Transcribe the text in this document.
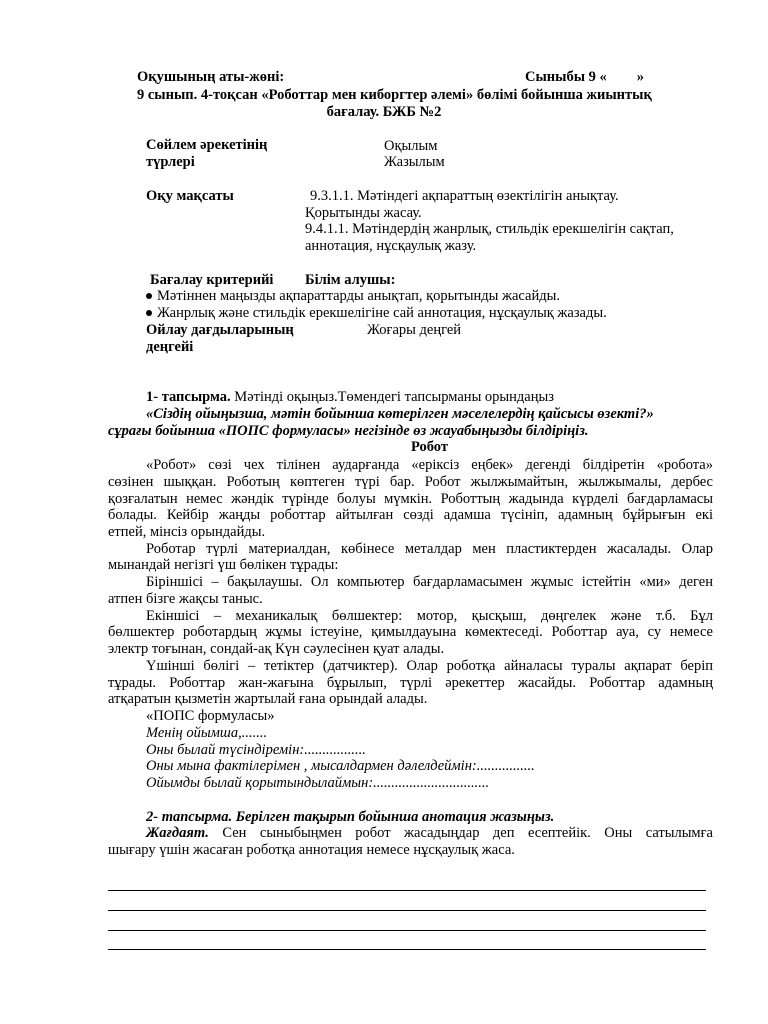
Оқушының аты-жөні:	Сыныбы 9 « »
9 сынып. 4-тоқсан «Роботтар мен киборгтер әлемі» бөлімі бойынша жиынтық
бағалау. БЖБ №2
Сөйлем әрекетінің
түрлері
Оқылым
Жазылым
Оқу мақсаты	9.3.1.1. Мәтіндегі ақпараттың өзектілігін анықтау.
Қорытынды жасау.
9.4.1.1. Мәтіндердің жанрлық, стильдік ерекшелігін сақтап,
аннотация, нұсқаулық жазу.
Бағалау критерийі Білім алушы:
Мәтіннен маңызды ақпараттарды анықтап, қорытынды жасайды.
Жанрлық және стильдік ерекшелігіне сай аннотация, нұсқаулық жазады.
Ойлау дағдыларының
деңгейі
Жоғары деңгей
1- тапсырма. Мәтінді оқыңыз.Төмендегі тапсырманы орындаңыз
«Сіздің ойыңызша, мәтін бойынша көтерілген мәселелердің қайсысы өзекті?»
сұрағы бойынша «ПОПС формуласы» негізінде өз жауабыңызды білдіріңіз.
Робот
«Робот» сөзі чех тілінен аударғанда «еріксіз еңбек» дегенді білдіретін «робота»
сөзінен шыққан. Роботың көптеген түрі бар. Робот жылжымайтын, жылжымалы, дербес
қозғалатын немес жәндік түрінде болуы мүмкін. Роботтың жадында күрделі бағдарламасы
болады. Кейбір жаңды роботтар айтылған сөзді адамша түсініп, адамның бұйрығын екі
етпей, мінсіз орындайды.
Роботар түрлі материалдан, көбінесе металдар мен пластиктерден жасалады. Олар
мынандай негізгі үш бөлікен тұрады:
Біріншісі – бақылаушы. Ол компьютер бағдарламасымен жұмыс істейтін «ми» деген
атпен бізге жақсы таныс.
Екіншісі – механикалық бөлшектер: мотор, қысқыш, дөңгелек және т.б. Бұл
бөлшектер роботардың жұмы істеуіне, қимылдауына көмектеседі. Роботтар ауа, су немесе
электр тоғынан, сондай-ақ Күн сәулесінен қуат алады.
Үшінші бөлігі – тетіктер (датчиктер). Олар роботқа айналасы туралы ақпарат беріп
тұрады. Роботтар жан-жағына бұрылып, түрлі әрекеттер жасайды. Роботтар адамның
атқаратын қызметін жартылай ғана орындай алады.
«ПОПС формуласы»
Менің ойымша,.......
Оны былай түсіндіремін:.................
Оны мына фактілерімен , мысалдармен дәлелдеймін:................
Ойымды былай қорытындылаймын:................................
2- тапсырма. Берілген тақырып бойынша анотация жазыңыз.
Жағдаят. Сен сыныбыңмен робот жасадыңдар деп есептейік. Оны сатылымға
шығару үшін жасаған роботқа аннотация немесе нұсқаулық жаса.
